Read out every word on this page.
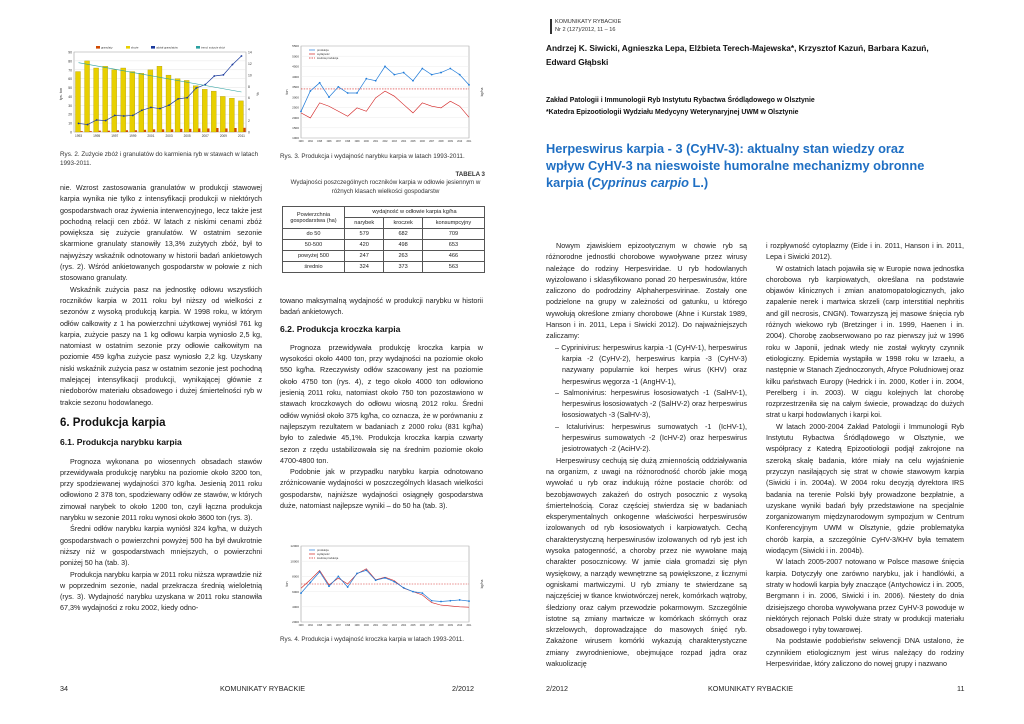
0
10
20
30
40
50
60
70
80
90
0
2
4
6
8
10
12
14
tys. ton	%
1993	1995	1997	1999	2001	2003	2005	2007	2009	2011
granulaty	zboże	udział granulatów	trend: zużycie zbóż
Rys. 2. Zużycie zbóż i granulatów do karmienia ryb w stawach w latach 1993-2011.
1000
1500
2000
2500
3000
3500
4000
4500
5000
5500
ton	kg/ha
1993	1994	1995	1996	1997	1998	1999	2000	2001	2002	2003	2004	2005	2006	2007	2008	2009	2010	2011
produkcja
wydajność
średnia produkcja
Rys. 3. Produkcja i wydajność narybku karpia w latach 1993-2011.
TABELA 3
Wydajności poszczególnych roczników karpia w odłowie jesiennym w różnych klasach wielkości gospodarstw
Powierzchnia gospodarstwa (ha)	wydajność w odłowie karpia kg/ha		
	narybek	kroczek	konsumpcyjny
do 50	579	682	709
50-500	420	498	653
powyżej 500	247	263	466
średnio	324	373	563

nie. Wzrost zastosowania granulatów w produkcji stawowej karpia wynika nie tylko z intensyfikacji produkcji w niektórych gospodarstwach oraz żywienia interwencyjnego, lecz także jest pochodną relacji cen zbóż. W latach z niskimi cenami zbóż powiększa się zużycie granulatów. W ostatnim sezonie skarmione granulaty stanowiły 13,3% zużytych zbóż, był to najwyższy wskaźnik odnotowany w historii badań ankietowych (rys. 2). Wśród ankietowanych gospodarstw w połowie z nich stosowano granulaty.

Wskaźnik zużycia pasz na jednostkę odłowu wszystkich roczników karpia w 2011 roku był niższy od wielkości z sezonów z wysoką produkcją karpia. W 1998 roku, w którym odłów całkowity z 1 ha powierzchni użytkowej wyniósł 761 kg karpia, zużycie paszy na 1 kg odłowu karpia wyniosło 2,5 kg, natomiast w ostatnim sezonie przy odłowie całkowitym na poziomie 459 kg/ha zużycie pasz wyniosło 2,2 kg. Uzyskany niski wskaźnik zużycia pasz w ostatnim sezonie jest pochodną malejącej intensyfikacji produkcji, wynikającej głównie z niedoborów materiału obsadowego i dużej śmiertelności ryb w trakcie sezonu hodowlanego.

6. Produkcja karpia
6.1. Produkcja narybku karpia

Prognoza wykonana po wiosennych obsadach stawów przewidywała produkcję narybku na poziomie około 3200 ton, przy spodziewanej wydajności 370 kg/ha. Jesienią 2011 roku odłowiono 2 378 ton, spodziewany odłów ze stawów, w których zimował narybek to około 1200 ton, czyli łączna produkcja narybku w sezonie 2011 roku wynosi około 3600 ton (rys. 3).

Średni odłów narybku karpia wyniósł 324 kg/ha, w dużych gospodarstwach o powierzchni powyżej 500 ha był dwukrotnie niższy niż w gospodarstwach mniejszych, o powierzchni poniżej 50 ha (tab. 3).

Produkcja narybku karpia w 2011 roku niższa wprawdzie niż w poprzednim sezonie, nadal przekracza średnią wieloletnią (rys. 3). Wydajność narybku uzyskana w 2011 roku stanowiła 67,3% wydajności z roku 2002, kiedy odno-

towano maksymalną wydajność w produkcji narybku w historii badań ankietowych.

6.2. Produkcja kroczka karpia

Prognoza przewidywała produkcję kroczka karpia w wysokości około 4400 ton, przy wydajności na poziomie około 550 kg/ha. Rzeczywisty odłów szacowany jest na poziomie około 4750 ton (rys. 4), z tego około 4000 ton odłowiono jesienią 2011 roku, natomiast około 750 ton pozostawiono w stawach kroczkowych do odłowu wiosną 2012 roku. Średni odłów wyniósł około 375 kg/ha, co oznacza, że w porównaniu z najlepszym rezultatem w badaniach z 2000 roku (831 kg/ha) było to zaledwie 45,1%. Produkcja kroczka karpia czwarty sezon z rzędu ustabilizowała się na średnim poziomie około 4700-4800 ton.

Podobnie jak w przypadku narybku karpia odnotowano zróżnicowanie wydajności w poszczególnych klasach wielkości gospodarstw, najniższe wydajności osiągnęły gospodarstwa duże, natomiast najlepsze wyniki – do 50 ha (tab. 3).

2000
4000
6000
8000
10000
12000
ton	kg/ha
1993	1994	1995	1996	1997	1998	1999	2000	2001	2002	2003	2004	2005	2006	2007	2008	2009	2010	2011
produkcja
wydajność
średnia produkcja
Rys. 4. Produkcja i wydajność kroczka karpia w latach 1993-2011.
34	KOMUNIKATY RYBACKIE	2/2012
KOMUNIKATY RYBACKIE
Nr 2 (127)/2012, 11 – 16
Andrzej K. Siwicki, Agnieszka Lepa, Elżbieta Terech-Majewska*, Krzysztof Kazuń, Barbara Kazuń, Edward Głąbski
Zakład Patologii i Immunologii Ryb Instytutu Rybactwa Śródlądowego w Olsztynie
*Katedra Epizootiologii Wydziału Medycyny Weterynaryjnej UWM w Olsztynie
Herpeswirus karpia - 3 (CyHV-3): aktualny stan wiedzy oraz wpływ CyHV-3 na nieswoiste humoralne mechanizmy obronne karpia (Cyprinus carpio L.)

Nowym zjawiskiem epizootycznym w chowie ryb są różnorodne jednostki chorobowe wywoływane przez wirusy należące do rodziny Herpesviridae. U ryb hodowlanych wyizolowano i sklasyfikowano ponad 20 herpeswirusów, które zaliczono do podrodziny Alphaherpesvirinae. Zostały one podzielone na grupy w zależności od gatunku, u którego wywołują określone zmiany chorobowe (Ahne i Kurstak 1989, Hanson i in. 2011, Lepa i Siwicki 2012). Do najważniejszych zaliczamy:

– Cyprinivirus: herpeswirus karpia -1 (CyHV-1), herpeswirus karpia -2 (CyHV-2), herpeswirus karpia -3 (CyHV-3) nazywany popularnie koi herpes wirus (KHV) oraz herpeswirus węgorza -1 (AngHV-1),
– Salmonivirus: herpeswirus łososiowatych -1 (SalHV-1), herpeswirus łososiowatych -2 (SalHV-2) oraz herpeswirus łososiowatych -3 (SalHV-3),
– Ictalurivirus: herpeswirus sumowatych -1 (IcHV-1), herpeswirus sumowatych -2 (IcHV-2) oraz herpeswirus jesiotrowatych -2 (AciHV-2).

Herpeswirusy cechują się dużą zmiennością oddziaływania na organizm, z uwagi na różnorodność chorób jakie mogą wywołać u ryb oraz indukują różne postacie chorób: od bezobjawowych zakażeń do ostrych posocznic z wysoką śmiertelnością. Coraz częściej stwierdza się w badaniach eksperymentalnych onkogenne właściwości herpeswirusów izolowanych od ryb łososiowatych i karpiowatych. Cechą charakterystyczną herpeswirusów izolowanych od ryb jest ich wysoka patogenność, a choroby przez nie wywołane mają charakter posocznicowy. W jamie ciała gromadzi się płyn wysiękowy, a narządy wewnętrzne są powiększone, z licznymi ogniskami martwiczymi. U ryb zmiany te stwierdzane są najczęściej w tkance krwiotwórczej nerek, komórkach wątroby, śledziony oraz całym przewodzie pokarmowym. Szczególnie istotne są zmiany martwicze w komórkach skórnych oraz skrzelowych, doprowadzające do masowych śnięć ryb. Zakażone wirusem komórki wykazują charakterystyczne zmiany zwyrodnieniowe, obejmujące rozpad jądra oraz wakuolizację

i rozpływność cytoplazmy (Eide i in. 2011, Hanson i in. 2011, Lepa i Siwicki 2012).

W ostatnich latach pojawiła się w Europie nowa jednostka chorobowa ryb karpiowatych, określana na podstawie objawów klinicznych i zmian anatomopatologicznych, jako zapalenie nerek i martwica skrzeli (carp interstitial nephritis and gill necrosis, CNGN). Towarzyszą jej masowe śnięcia ryb różnych wiekowo ryb (Bretzinger i in. 1999, Haenen i in. 2004). Chorobę zaobserwowano po raz pierwszy już w 1996 roku w Japonii, jednak wtedy nie został wykryty czynnik etiologiczny. Epidemia wystąpiła w 1998 roku w Izraelu, a następnie w Stanach Zjednoczonych, Afryce Południowej oraz kilku państwach Europy (Hedrick i in. 2000, Kotler i in. 2004, Perelberg i in. 2003). W ciągu kolejnych lat chorobę rozprzestrzeniła się na całym świecie, prowadząc do dużych strat u karpi hodowlanych i karpi koi.

W latach 2000-2004 Zakład Patologii i Immunologii Ryb Instytutu Rybactwa Śródlądowego w Olsztynie, we współpracy z Katedrą Epizootiologii podjął zakrojone na szeroką skalę badania, które miały na celu wyjaśnienie przyczyn nasilających się strat w chowie stawowym karpia (Siwicki i in. 2004a). W 2004 roku decyzją dyrektora IRS badania na terenie Polski były prowadzone bezpłatnie, a uzyskane wyniki badań były przedstawione na specjalnie zorganizowanym międzynarodowym sympozjum w Centrum Konferencyjnym UWM w Olsztynie, gdzie problematyka chorób karpia, a szczególnie CyHV-3/KHV była tematem wiodącym (Siwicki i in. 2004b).

W latach 2005-2007 notowano w Polsce masowe śnięcia karpia. Dotyczyły one zarówno narybku, jak i handlówki, a straty w hodowli karpia były znaczące (Antychowicz i in. 2005, Bergmann i in. 2006, Siwicki i in. 2006). Niestety do dnia dzisiejszego choroba wywoływana przez CyHV-3 powoduje w niektórych rejonach Polski duże straty w produkcji materiału obsadowego i ryby towarowej.

Na podstawie podobieństw sekwencji DNA ustalono, że czynnikiem etiologicznym jest wirus należący do rodziny Herpesviridae, który zaliczono do nowej grupy i nazwano

2/2012	KOMUNIKATY RYBACKIE	11
